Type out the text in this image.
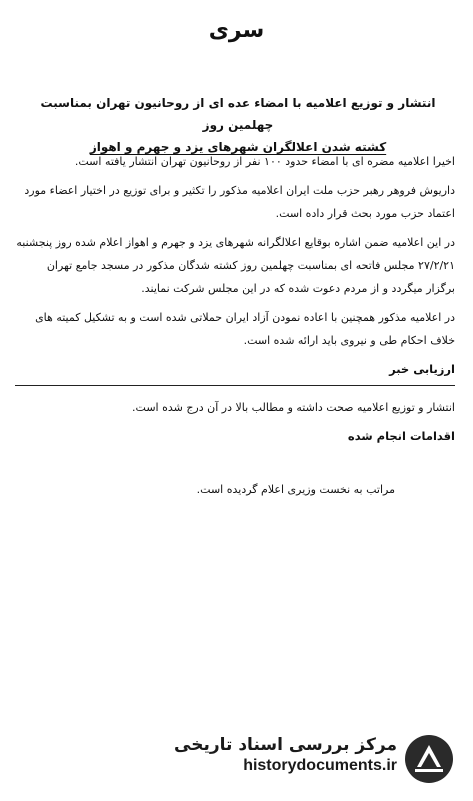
سری
انتشار و توزیع اعلامیه با امضاء عده ای از روحانیون تهران بمناسبت چهلمین روز
کشته شدن اعلالگران شهرهای یزد و جهرم و اهواز

اخیرا اعلامیه مضره ای با امضاء حدود ۱۰۰ نفر از روحانیون تهران انتشار یافته است.

داریوش فروهر رهبر حزب ملت ایران اعلامیه مذکور را تکثیر و برای توزیع در اختیار اعضاء مورد اعتماد حزب مورد بحث قرار داده است.

در این اعلامیه ضمن اشاره بوقایع اعلالگرانه شهرهای یزد و جهرم و اهواز اعلام شده روز پنجشنبه ۲۷/۲/۲۱ مجلس فاتحه ای بمناسبت چهلمین روز کشته شدگان مذکور در مسجد جامع تهران برگزار میگردد و از مردم دعوت شده که در این مجلس شرکت نمایند.

در اعلامیه مذکور همچنین با اعاده نمودن آزاد ایران حملاتی شده است و به تشکیل کمیته های خلاف احکام طی و نیروی باید ارائه شده است.

ارزیابی خبر

انتشار و توزیع اعلامیه صحت داشته و مطالب بالا در آن درج شده است.

اقدامات انجام شده

مراتب به نخست وزیری اعلام گردیده است.

مرکز بررسی اسناد تاریخی
historydocuments.ir
